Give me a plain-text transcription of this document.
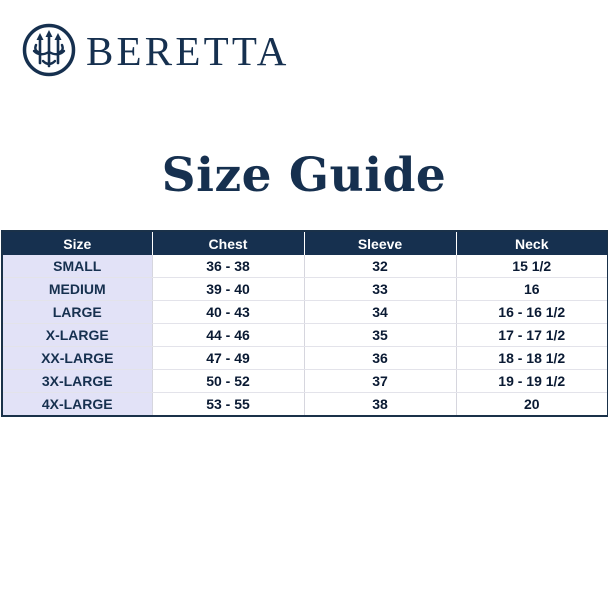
BERETTA
Size Guide
Size	Chest	Sleeve	Neck
SMALL	36 - 38	32	15 1/2
MEDIUM	39 - 40	33	16
LARGE	40 - 43	34	16 - 16 1/2
X-LARGE	44 - 46	35	17 - 17 1/2
XX-LARGE	47 - 49	36	18 - 18 1/2
3X-LARGE	50 - 52	37	19 - 19 1/2
4X-LARGE	53 - 55	38	20
